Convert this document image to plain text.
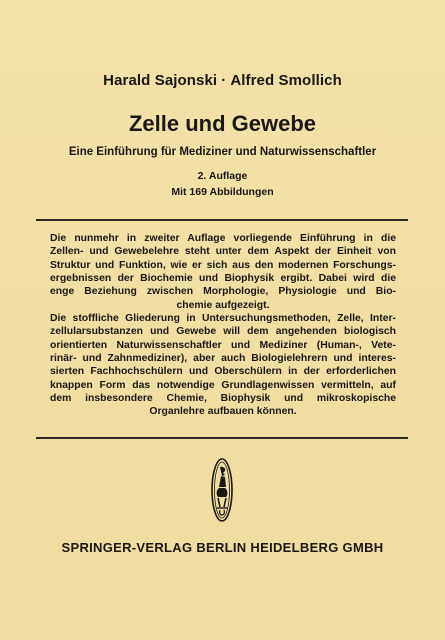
Harald Sajonski · Alfred Smollich
Zelle und Gewebe
Eine Einführung für Mediziner und Naturwissenschaftler
2. Auflage
Mit 169 Abbildungen

Die nunmehr in zweiter Auflage vorliegende Einführung in die

Zellen- und Gewebelehre steht unter dem Aspekt der Einheit von

Struktur und Funktion, wie er sich aus den modernen Forschungs-

ergebnissen der Biochemie und Biophysik ergibt. Dabei wird die

enge Beziehung zwischen Morphologie, Physiologie und Bio-

chemie aufgezeigt.

Die stoffliche Gliederung in Untersuchungsmethoden, Zelle, Inter-

zellularsubstanzen und Gewebe will dem angehenden biologisch

orientierten Naturwissenschaftler und Mediziner (Human-, Vete-

rinär- und Zahnmediziner), aber auch Biologielehrern und interes-

sierten Fachhochschülern und Oberschülern in der erforderlichen

knappen Form das notwendige Grundlagenwissen vermitteln, auf

dem insbesondere Chemie, Biophysik und mikroskopische

Organlehre aufbauen können.

SPRINGER-VERLAG BERLIN HEIDELBERG GMBH
